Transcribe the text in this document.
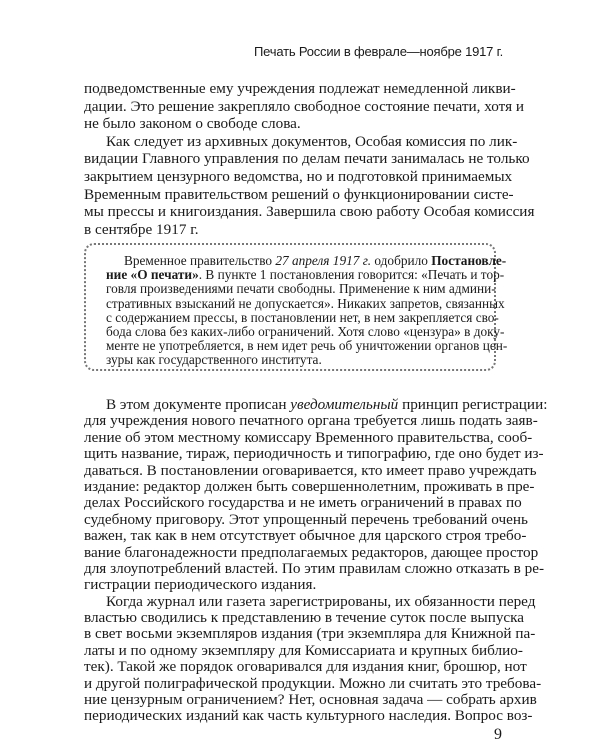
Печать России в феврале—ноябре 1917 г.
подведомственные ему учреждения подлежат немедленной ликви-
дации. Это решение закрепляло свободное состояние печати, хотя и
не было законом о свободе слова.
Как следует из архивных документов, Особая комиссия по лик-
видации Главного управления по делам печати занималась не только
закрытием цензурного ведомства, но и подготовкой принимаемых
Временным правительством решений о функционировании систе-
мы прессы и книгоиздания. Завершила свою работу Особая комиссия
в сентябре 1917 г.
Временное правительство 27 апреля 1917 г. одобрило Постановле-
ние «О печати». В пункте 1 постановления говорится: «Печать и тор-
говля произведениями печати свободны. Применение к ним админи-
стративных взысканий не допускается». Никаких запретов, связанных
с содержанием прессы, в постановлении нет, в нем закрепляется сво-
бода слова без каких-либо ограничений. Хотя слово «цензура» в доку-
менте не употребляется, в нем идет речь об уничтожении органов цен-
зуры как государственного института.
В этом документе прописан уведомительный принцип регистрации:
для учреждения нового печатного органа требуется лишь подать заяв-
ление об этом местному комиссару Временного правительства, сооб-
щить название, тираж, периодичность и типографию, где оно будет из-
даваться. В постановлении оговаривается, кто имеет право учреждать
издание: редактор должен быть совершеннолетним, проживать в пре-
делах Российского государства и не иметь ограничений в правах по
судебному приговору. Этот упрощенный перечень требований очень
важен, так как в нем отсутствует обычное для царского строя требо-
вание благонадежности предполагаемых редакторов, дающее простор
для злоупотреблений властей. По этим правилам сложно отказать в ре-
гистрации периодического издания.
Когда журнал или газета зарегистрированы, их обязанности перед
властью сводились к представлению в течение суток после выпуска
в свет восьми экземпляров издания (три экземпляра для Книжной па-
латы и по одному экземпляру для Комиссариата и крупных библио-
тек). Такой же порядок оговаривался для издания книг, брошюр, нот
и другой полиграфической продукции. Можно ли считать это требова-
ние цензурным ограничением? Нет, основная задача — собрать архив
периодических изданий как часть культурного наследия. Вопрос воз-
9
